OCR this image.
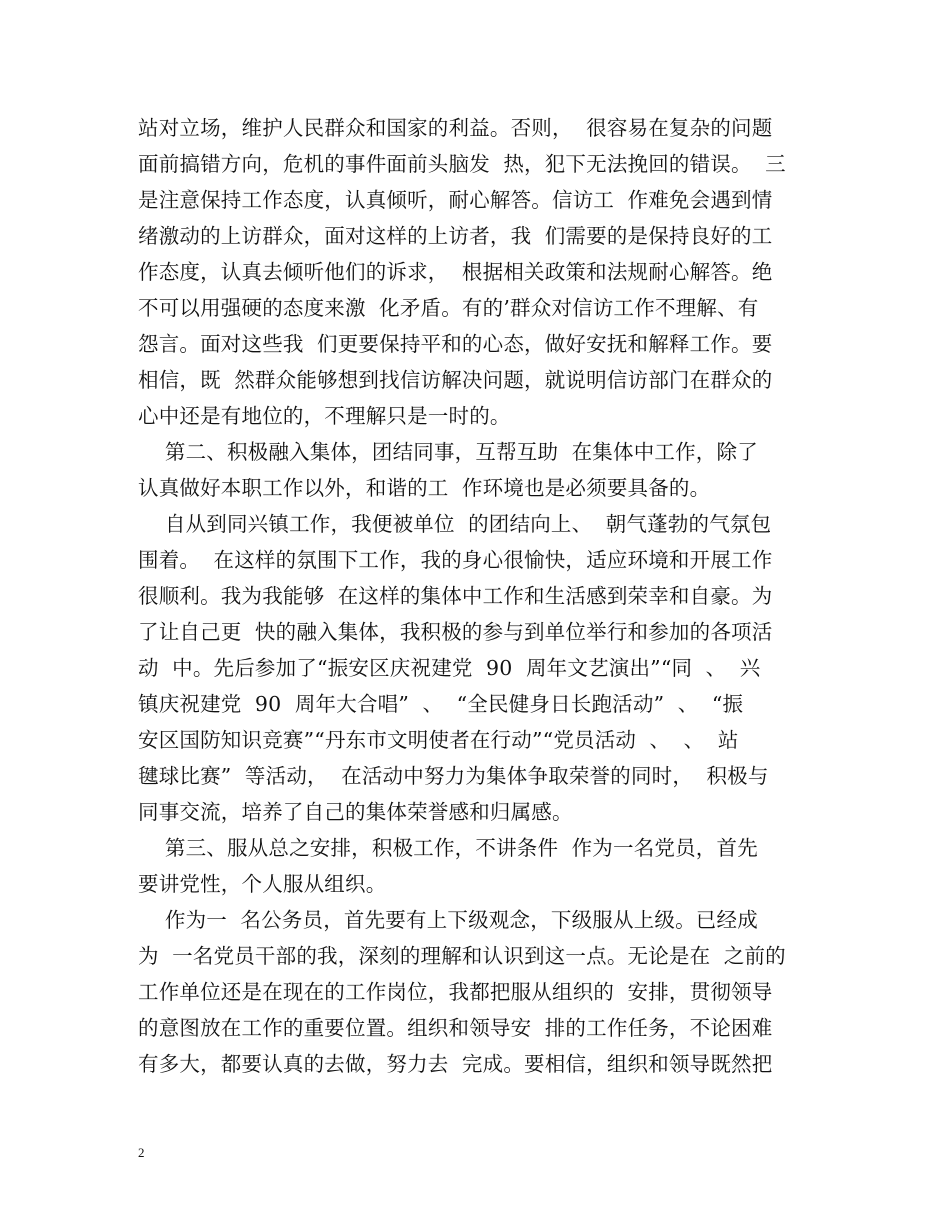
站对立场，维护人民群众和国家的利益。否则，  很容易在复杂的问题
面前搞错方向，危机的事件面前头脑发  热，犯下无法挽回的错误。  三
是注意保持工作态度，认真倾听，耐心解答。信访工  作难免会遇到情
绪激动的上访群众，面对这样的上访者，我  们需要的是保持良好的工
作态度，认真去倾听他们的诉求，  根据相关政策和法规耐心解答。绝
不可以用强硬的态度来激  化矛盾。有的’群众对信访工作不理解、有
怨言。面对这些我  们更要保持平和的心态，做好安抚和解释工作。要
相信，既  然群众能够想到找信访解决问题，就说明信访部门在群众的
心中还是有地位的，不理解只是一时的。
第二、积极融入集体，团结同事，互帮互助  在集体中工作，除了
认真做好本职工作以外，和谐的工  作环境也是必须要具备的。
自从到同兴镇工作，我便被单位  的团结向上、  朝气蓬勃的气氛包
围着。  在这样的氛围下工作，我的身心很愉快，适应环境和开展工作
很顺利。我为我能够  在这样的集体中工作和生活感到荣幸和自豪。为
了让自己更  快的融入集体，我积极的参与到单位举行和参加的各项活
动  中。先后参加了“振安区庆祝建党  90  周年文艺演出”“同  、  兴
镇庆祝建党  90  周年大合唱”  、  “全民健身日长跑活动”  、  “振
安区国防知识竞赛”“丹东市文明使者在行动”“党员活动  、  、  站
毽球比赛”  等活动，  在活动中努力为集体争取荣誉的同时，  积极与
同事交流，培养了自己的集体荣誉感和归属感。
第三、服从总之安排，积极工作，不讲条件  作为一名党员，首先
要讲党性，个人服从组织。
作为一  名公务员，首先要有上下级观念，下级服从上级。已经成
为  一名党员干部的我，深刻的理解和认识到这一点。无论是在  之前的
工作单位还是在现在的工作岗位，我都把服从组织的  安排，贯彻领导
的意图放在工作的重要位置。组织和领导安  排的工作任务，不论困难
有多大，都要认真的去做，努力去  完成。要相信，组织和领导既然把
2
